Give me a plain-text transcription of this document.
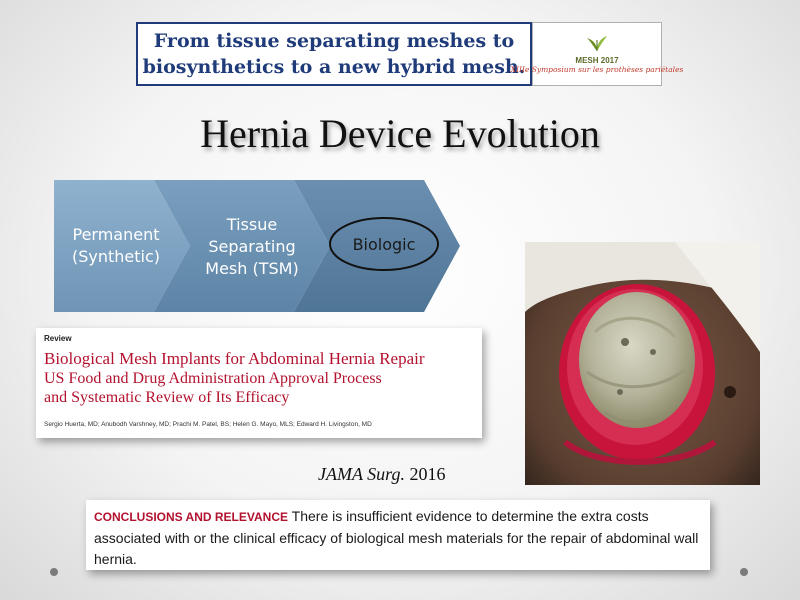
From tissue separating meshes to
biosynthetics to a new hybrid mesh.	MESH 2017
XIIIe Symposium sur les prothèses pariétales
Hernia Device Evolution
Permanent
(Synthetic)
Tissue
Separating
Mesh (TSM)
Biologic
Review
Biological Mesh Implants for Abdominal Hernia Repair
US Food and Drug Administration Approval Process
and Systematic Review of Its Efficacy
Sergio Huerta, MD; Anubodh Varshney, MD; Prachi M. Patel, BS; Helen G. Mayo, MLS; Edward H. Livingston, MD
JAMA Surg. 2016
CONCLUSIONS AND RELEVANCE There is insufficient evidence to determine the extra costs associated with or the clinical efficacy of biological mesh materials for the repair of abdominal wall hernia.
